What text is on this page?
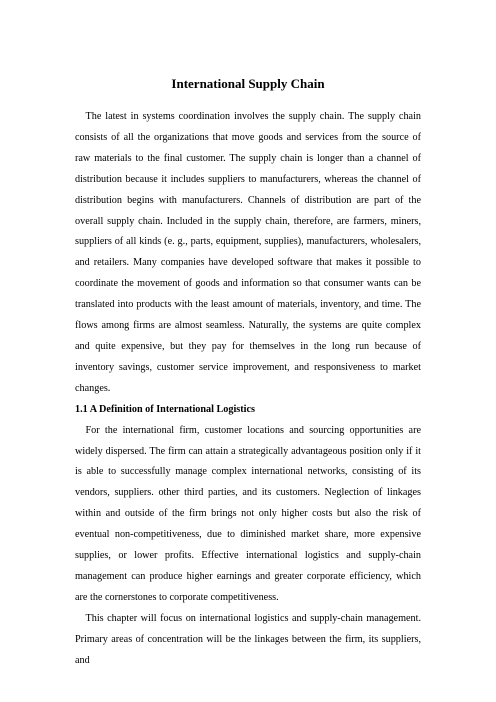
International Supply Chain

The latest in systems coordination involves the supply chain. The supply chain consists of all the organizations that move goods and services from the source of raw materials to the final customer. The supply chain is longer than a channel of distribution because it includes suppliers to manufacturers, whereas the channel of distribution begins with manufacturers. Channels of distribution are part of the overall supply chain. Included in the supply chain, therefore, are farmers, miners, suppliers of all kinds (e. g., parts, equipment, supplies), manufacturers, wholesalers, and retailers. Many companies have developed software that makes it possible to coordinate the movement of goods and information so that consumer wants can be translated into products with the least amount of materials, inventory, and time. The flows among firms are almost seamless. Naturally, the systems are quite complex and quite expensive, but they pay for themselves in the long run because of inventory savings, customer service improvement, and responsiveness to market changes.

1.1 A Definition of International Logistics

For the international firm, customer locations and sourcing opportunities are widely dispersed. The firm can attain a strategically advantageous position only if it is able to successfully manage complex international networks, consisting of its vendors, suppliers. other third parties, and its customers. Neglection of linkages within and outside of the firm brings not only higher costs but also the risk of eventual non-competitiveness, due to diminished market share, more expensive supplies, or lower profits. Effective international logistics and supply-chain management can produce higher earnings and greater corporate efficiency, which are the cornerstones to corporate competitiveness.

This chapter will focus on international logistics and supply-chain management. Primary areas of concentration will be the linkages between the firm, its suppliers, and
